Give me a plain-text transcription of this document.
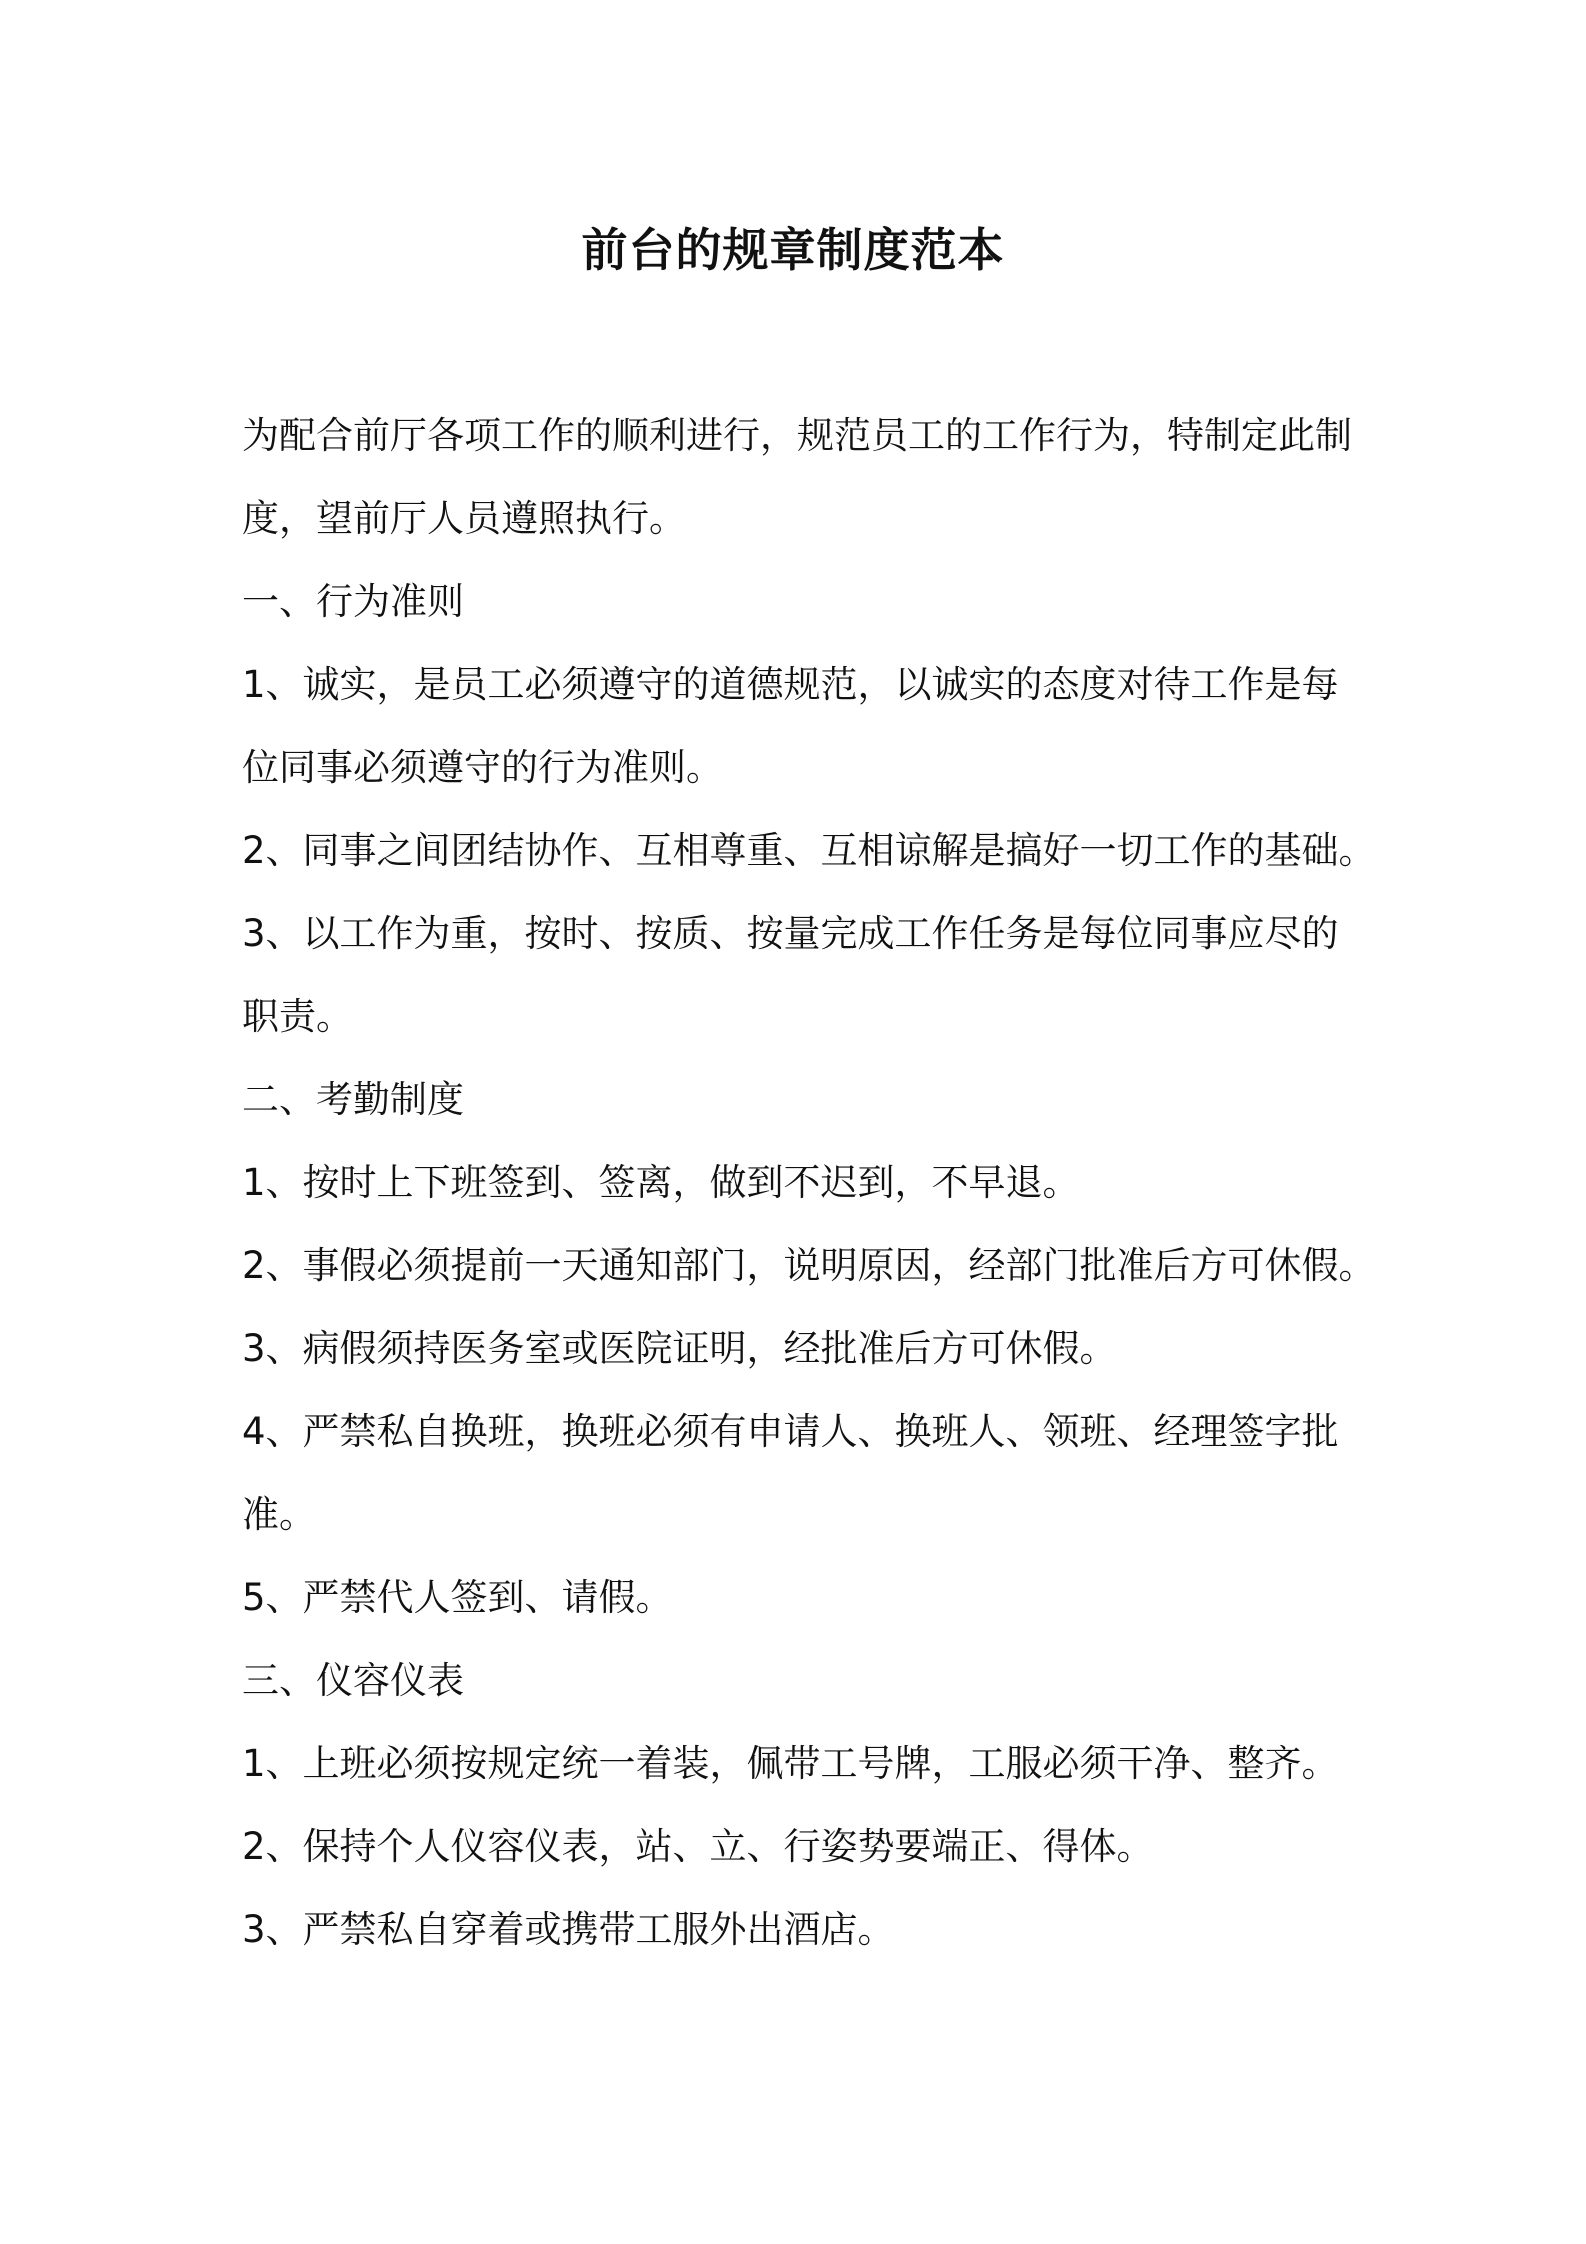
前台的规章制度范本

为配合前厅各项工作的顺利进行，规范员工的工作行为，特制定此制

度，望前厅人员遵照执行。

一、行为准则

1、诚实，是员工必须遵守的道德规范，以诚实的态度对待工作是每

位同事必须遵守的行为准则。

2、同事之间团结协作、互相尊重、互相谅解是搞好一切工作的基础。

3、以工作为重，按时、按质、按量完成工作任务是每位同事应尽的

职责。

二、考勤制度

1、按时上下班签到、签离，做到不迟到，不早退。

2、事假必须提前一天通知部门，说明原因，经部门批准后方可休假。

3、病假须持医务室或医院证明，经批准后方可休假。

4、严禁私自换班，换班必须有申请人、换班人、领班、经理签字批

准。

5、严禁代人签到、请假。

三、仪容仪表

1、上班必须按规定统一着装，佩带工号牌，工服必须干净、整齐。

2、保持个人仪容仪表，站、立、行姿势要端正、得体。

3、严禁私自穿着或携带工服外出酒店。
